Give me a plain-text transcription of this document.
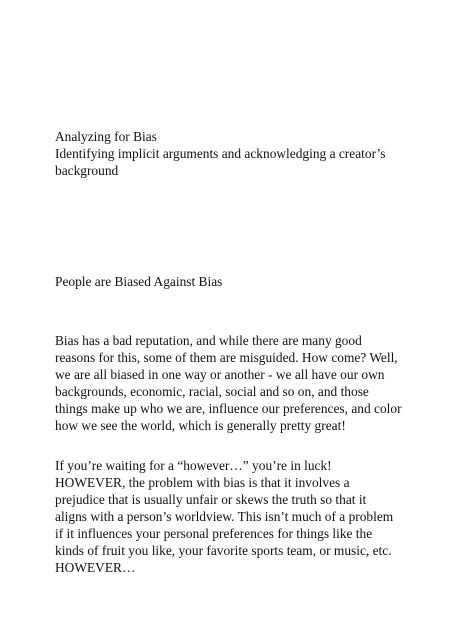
Analyzing for Bias

Identifying implicit arguments and acknowledging a creator’s

background

People are Biased Against Bias

Bias has a bad reputation, and while there are many good

reasons for this, some of them are misguided. How come? Well,

we are all biased in one way or another - we all have our own

backgrounds, economic, racial, social and so on, and those

things make up who we are, influence our preferences, and color

how we see the world, which is generally pretty great!

If you’re waiting for a “however…” you’re in luck!

HOWEVER, the problem with bias is that it involves a

prejudice that is usually unfair or skews the truth so that it

aligns with a person’s worldview. This isn’t much of a problem

if it influences your personal preferences for things like the

kinds of fruit you like, your favorite sports team, or music, etc.

HOWEVER…
